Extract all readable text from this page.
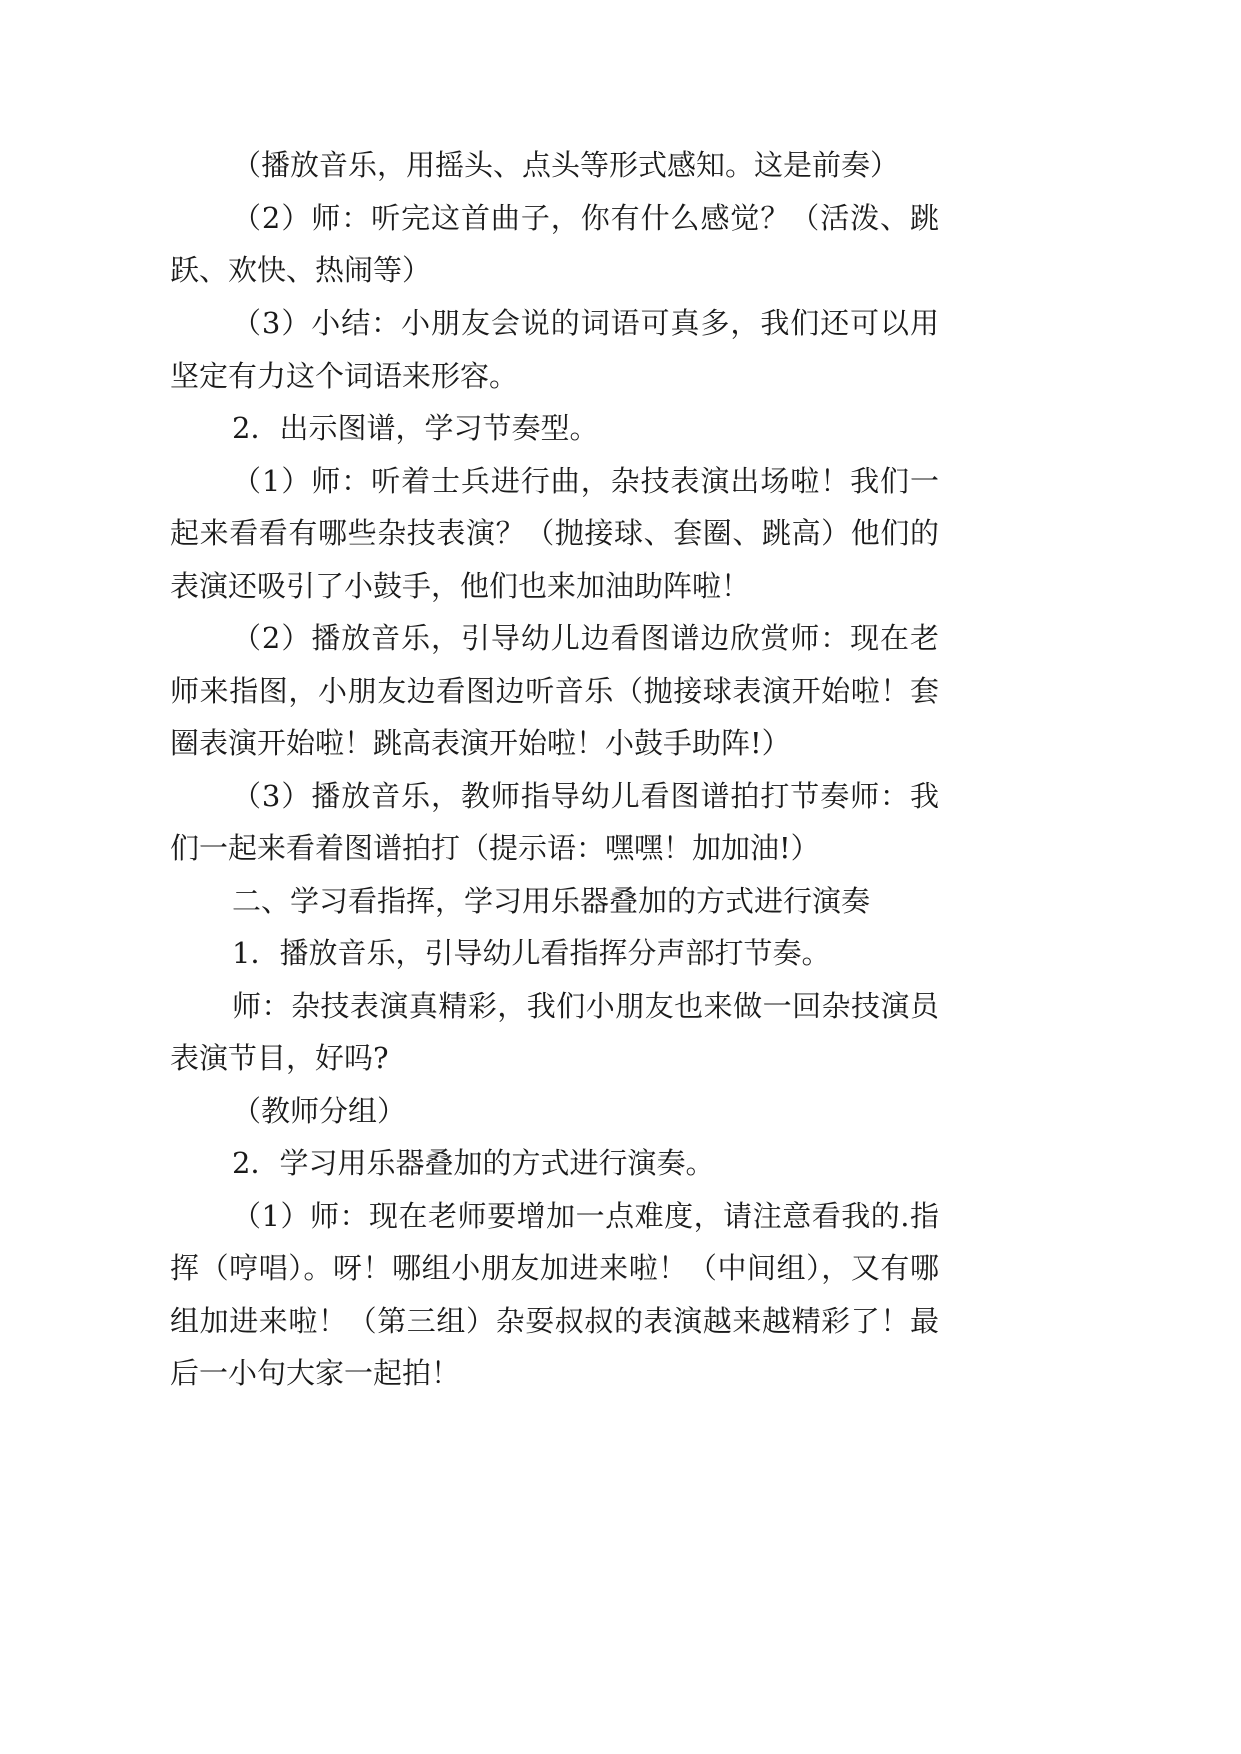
（播放音乐，用摇头、点头等形式感知。这是前奏）
（2）师：听完这首曲子，你有什么感觉？（活泼、跳
跃、欢快、热闹等）
（3）小结：小朋友会说的词语可真多，我们还可以用
坚定有力这个词语来形容。
2．出示图谱，学习节奏型。
（1）师：听着士兵进行曲，杂技表演出场啦！我们一
起来看看有哪些杂技表演？（抛接球、套圈、跳高）他们的
表演还吸引了小鼓手，他们也来加油助阵啦！
（2）播放音乐，引导幼儿边看图谱边欣赏师：现在老
师来指图，小朋友边看图边听音乐（抛接球表演开始啦！套
圈表演开始啦！跳高表演开始啦！小鼓手助阵!）
（3）播放音乐，教师指导幼儿看图谱拍打节奏师：我
们一起来看着图谱拍打（提示语：嘿嘿！加加油!）
二、学习看指挥，学习用乐器叠加的方式进行演奏
1．播放音乐，引导幼儿看指挥分声部打节奏。
师：杂技表演真精彩，我们小朋友也来做一回杂技演员
表演节目，好吗?
（教师分组）
2．学习用乐器叠加的方式进行演奏。
（1）师：现在老师要增加一点难度，请注意看我的.指
挥（哼唱）。呀！哪组小朋友加进来啦！（中间组），又有哪
组加进来啦！（第三组）杂耍叔叔的表演越来越精彩了！最
后一小句大家一起拍！
